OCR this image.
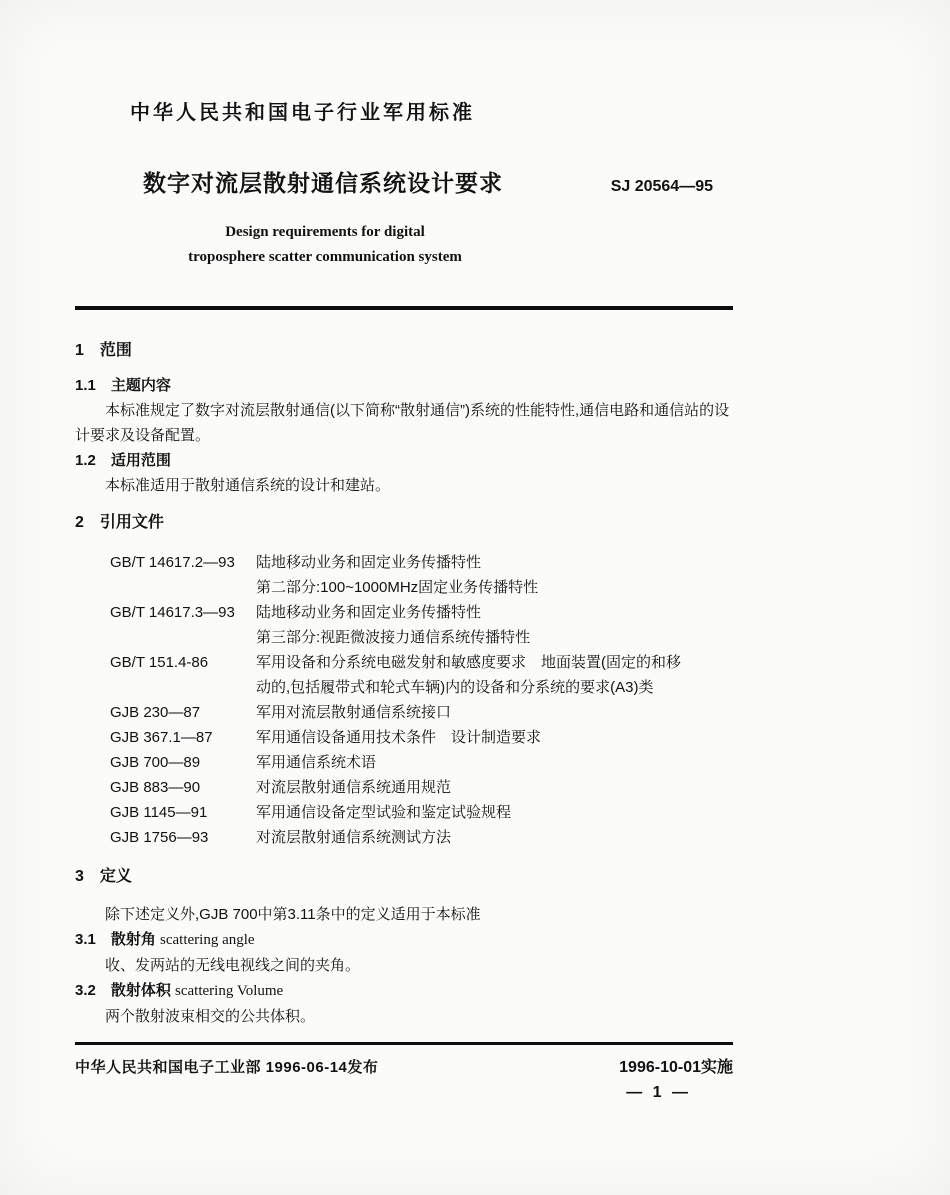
中华人民共和国电子行业军用标准
数字对流层散射通信系统设计要求	SJ 20564—95
Design requirements for digital
troposphere scatter communication system
1　范围
1.1　主题内容
本标准规定了数字对流层散射通信(以下简称“散射通信”)系统的性能特性,通信电路和通信站的设计要求及设备配置。
1.2　适用范围
本标准适用于散射通信系统的设计和建站。
2　引用文件
GB/T 14617.2—93	陆地移动业务和固定业务传播特性
第二部分:100~1000MHz固定业务传播特性
GB/T 14617.3—93	陆地移动业务和固定业务传播特性
第三部分:视距微波接力通信系统传播特性
GB/T 151.4-86	军用设备和分系统电磁发射和敏感度要求　地面装置(固定的和移
动的,包括履带式和轮式车辆)内的设备和分系统的要求(A3)类
GJB 230—87	军用对流层散射通信系统接口
GJB 367.1—87	军用通信设备通用技术条件　设计制造要求
GJB 700—89	军用通信系统术语
GJB 883—90	对流层散射通信系统通用规范
GJB 1145—91	军用通信设备定型试验和鉴定试验规程
GJB 1756—93	对流层散射通信系统测试方法
3　定义
除下述定义外,GJB 700中第3.11条中的定义适用于本标准
3.1　散射角 scattering angle
收、发两站的无线电视线之间的夹角。
3.2　散射体积 scattering Volume
两个散射波束相交的公共体积。
中华人民共和国电子工业部 1996-06-14发布	1996-10-01实施
— 1 —
